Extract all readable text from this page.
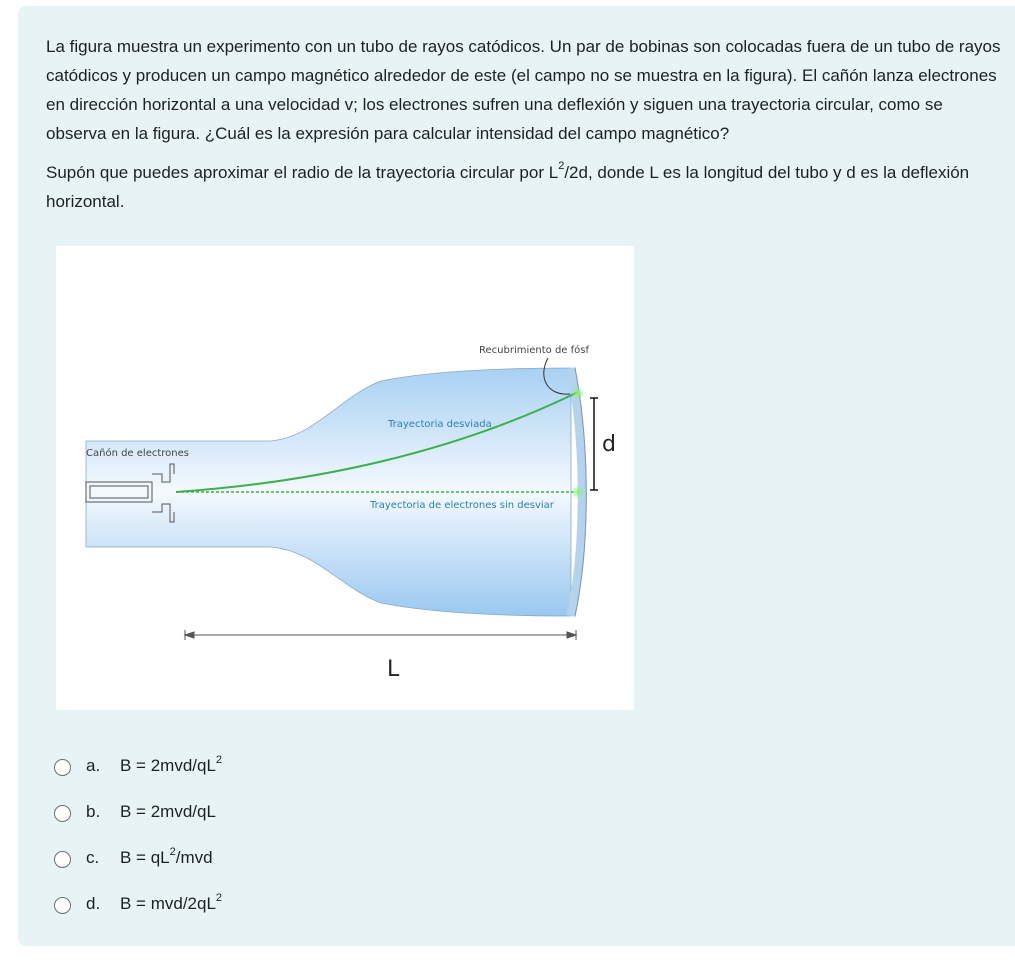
La figura muestra un experimento con un tubo de rayos catódicos. Un par de bobinas son colocadas fuera de un tubo de rayos catódicos y producen un campo magnético alrededor de este (el campo no se muestra en la figura). El cañón lanza electrones en dirección horizontal a una velocidad v; los electrones sufren una deflexión y siguen una trayectoria circular, como se observa en la figura. ¿Cuál es la expresión para calcular intensidad del campo magnético?

Supón que puedes aproximar el radio de la trayectoria circular por $L^2/2d$, donde L es la longitud del tubo y d es la deflexión horizontal.

Recubrimiento de fósf
Cañón de electrones
Trayectoria desviada
Trayectoria de electrones sin desviar
d
L
a. $B = 2mvd/qL^2$
b. B = 2mvd/qL
c. $B = qL^2$/mvd
d. B = mvd/$2qL^2$
